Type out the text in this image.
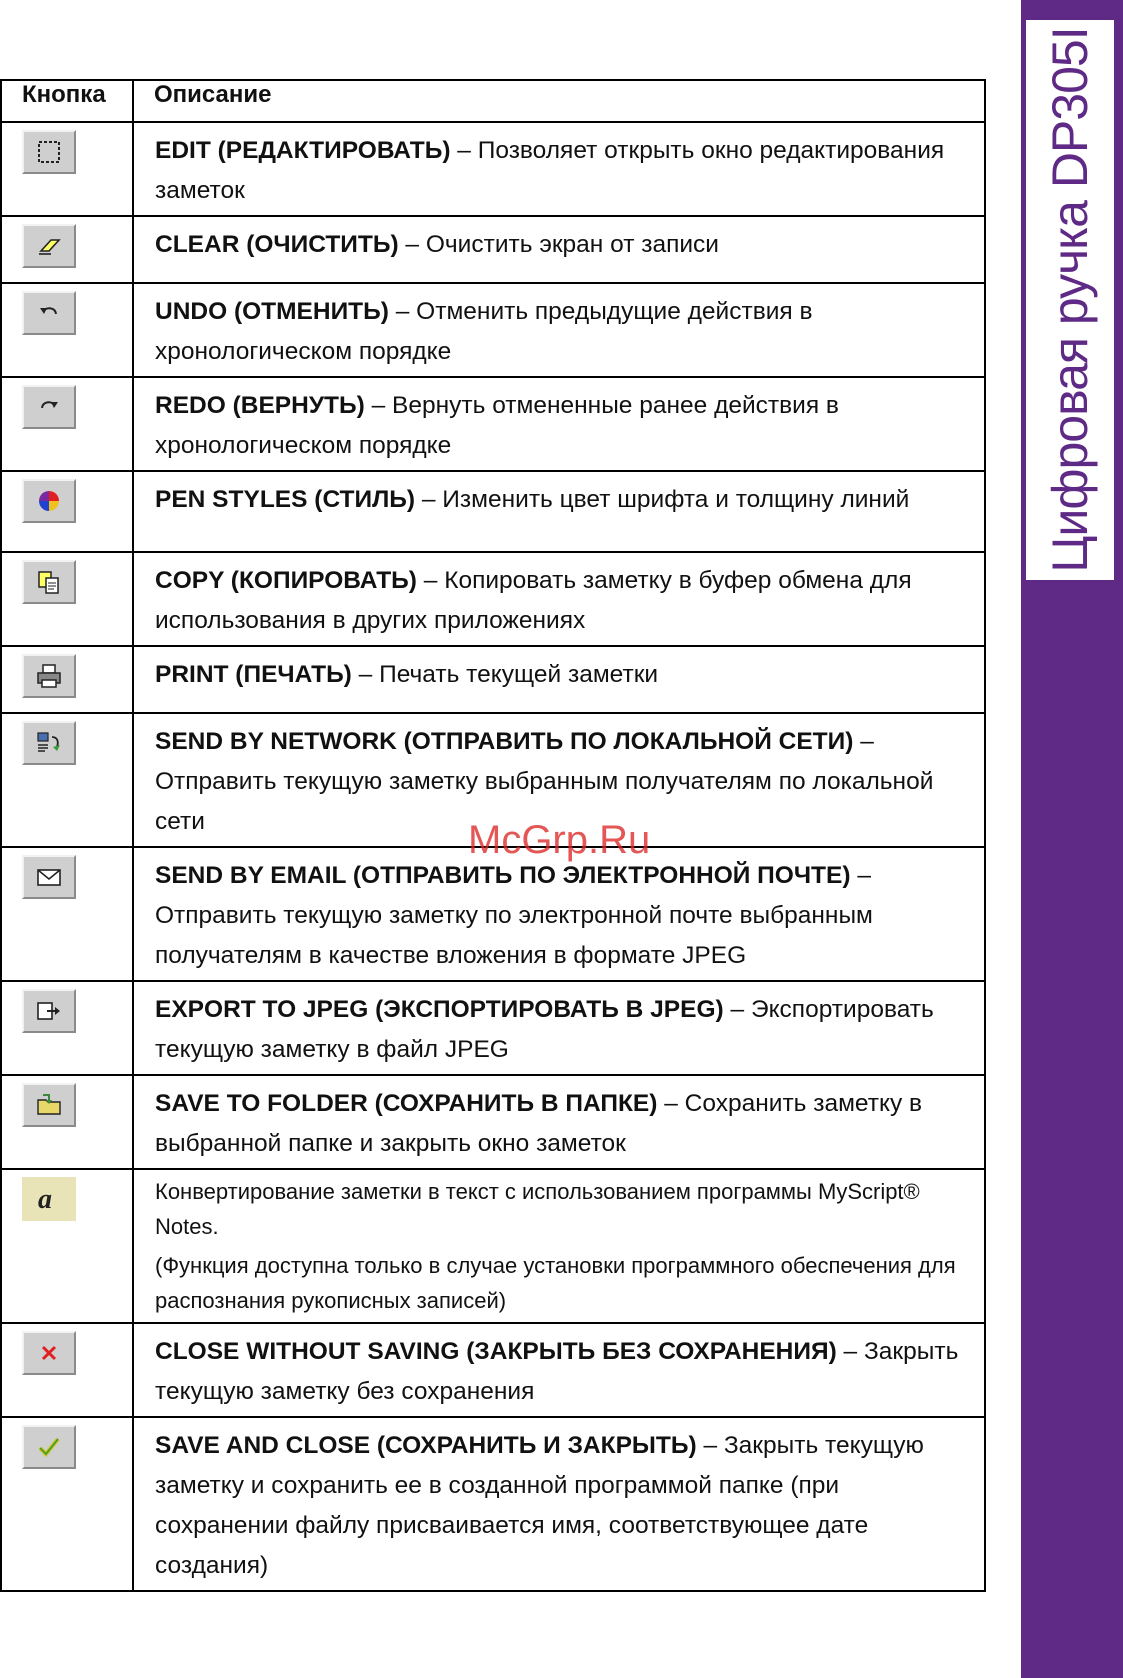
Цифровая ручка DP305I
Кнопка	Описание

	EDIT (РЕДАКТИРОВАТЬ) – Позволяет открыть окно редактирования заметок

	CLEAR (ОЧИСТИТЬ) – Очистить экран от записи

	UNDO (ОТМЕНИТЬ) – Отменить предыдущие действия в хронологическом порядке

	REDO (ВЕРНУТЬ) – Вернуть отмененные ранее действия в хронологическом порядке

	PEN STYLES (СТИЛЬ) – Изменить цвет шрифта и толщину линий

	COPY (КОПИРОВАТЬ) – Копировать заметку в буфер обмена для использования в других приложениях

	PRINT (ПЕЧАТЬ) – Печать текущей заметки

	SEND BY NETWORK (ОТПРАВИТЬ ПО ЛОКАЛЬНОЙ СЕТИ) – Отправить текущую заметку выбранным получателям по локальной сети

	SEND BY EMAIL (ОТПРАВИТЬ ПО ЭЛЕКТРОННОЙ ПОЧТЕ) – Отправить текущую заметку по электронной почте выбранным получателям в качестве вложения в формате JPEG

	EXPORT TO JPEG (ЭКСПОРТИРОВАТЬ В JPEG) – Экспортировать текущую заметку в файл JPEG

	SAVE TO FOLDER (СОХРАНИТЬ В ПАПКЕ) – Сохранить заметку в выбранной папке и закрыть окно заметок

a	Конвертирование заметки в текст с использованием программы MyScript® Notes.
(Функция доступна только в случае установки программного обеспечения для распознания рукописных записей)

	CLOSE WITHOUT SAVING (ЗАКРЫТЬ БЕЗ СОХРАНЕНИЯ) – Закрыть текущую заметку без сохранения

	SAVE AND CLOSE (СОХРАНИТЬ И ЗАКРЫТЬ) – Закрыть текущую заметку и сохранить ее в созданной программой папке (при сохранении файлу присваивается имя, соответствующее дате создания)
McGrp.Ru
